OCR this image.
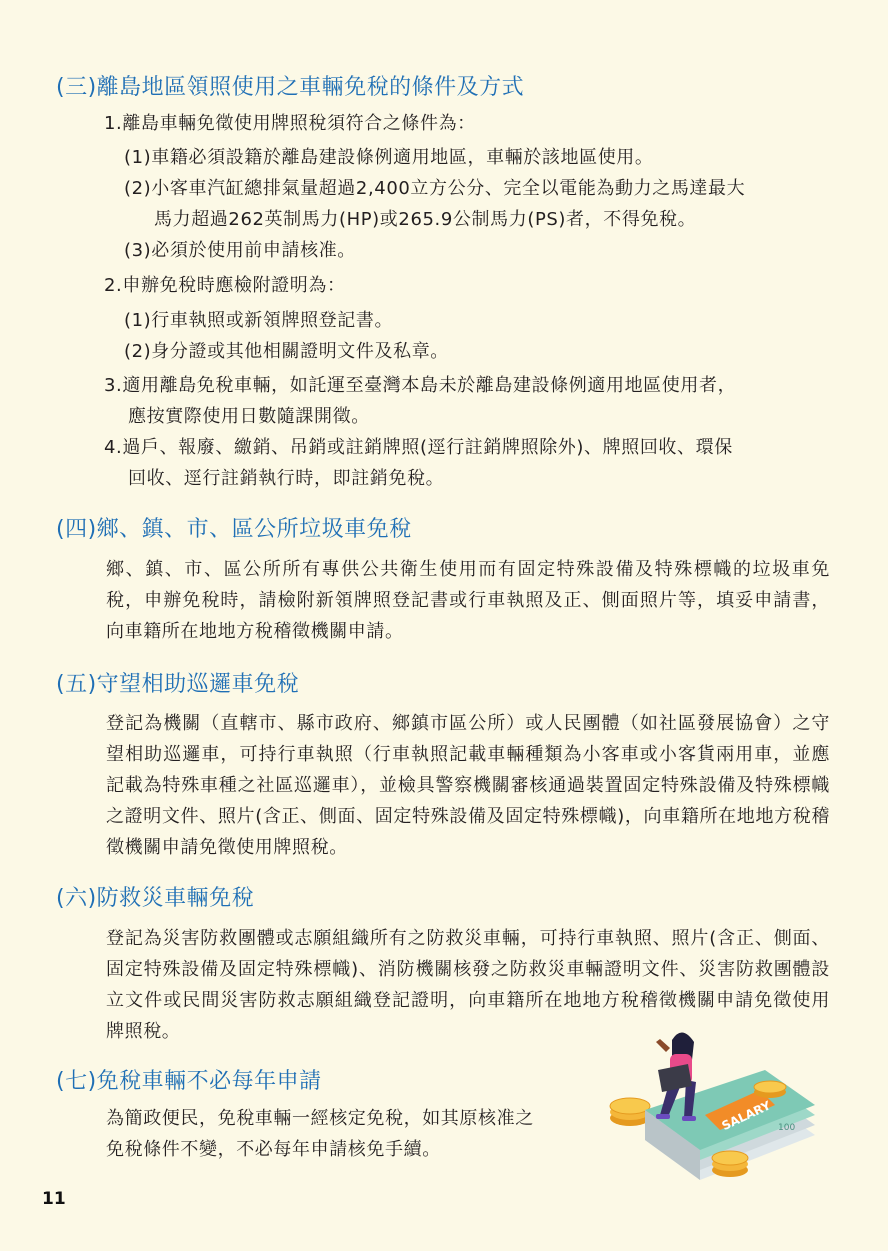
(三)離島地區領照使用之車輛免稅的條件及方式
1.離島車輛免徵使用牌照稅須符合之條件為：
(1)車籍必須設籍於離島建設條例適用地區，車輛於該地區使用。
(2)小客車汽缸總排氣量超過2,400立方公分、完全以電能為動力之馬達最大
馬力超過262英制馬力(HP)或265.9公制馬力(PS)者，不得免稅。
(3)必須於使用前申請核准。
2.申辦免稅時應檢附證明為：
(1)行車執照或新領牌照登記書。
(2)身分證或其他相關證明文件及私章。
3.適用離島免稅車輛，如託運至臺灣本島未於離島建設條例適用地區使用者，
應按實際使用日數隨課開徵。
4.過戶、報廢、繳銷、吊銷或註銷牌照(逕行註銷牌照除外)、牌照回收、環保
回收、逕行註銷執行時，即註銷免稅。
(四)鄉、鎮、市、區公所垃圾車免稅
鄉、鎮、市、區公所所有專供公共衛生使用而有固定特殊設備及特殊標幟的垃圾車免稅，申辦免稅時，請檢附新領牌照登記書或行車執照及正、側面照片等，填妥申請書，向車籍所在地地方稅稽徵機關申請。
(五)守望相助巡邏車免稅
登記為機關（直轄市、縣市政府、鄉鎮市區公所）或人民團體（如社區發展協會）之守望相助巡邏車，可持行車執照（行車執照記載車輛種類為小客車或小客貨兩用車，並應記載為特殊車種之社區巡邏車），並檢具警察機關審核通過裝置固定特殊設備及特殊標幟之證明文件、照片(含正、側面、固定特殊設備及固定特殊標幟)，向車籍所在地地方稅稽徵機關申請免徵使用牌照稅。
(六)防救災車輛免稅
登記為災害防救團體或志願組織所有之防救災車輛，可持行車執照、照片(含正、側面、固定特殊設備及固定特殊標幟)、消防機關核發之防救災車輛證明文件、災害防救團體設立文件或民間災害防救志願組織登記證明，向車籍所在地地方稅稽徵機關申請免徵使用牌照稅。
(七)免稅車輛不必每年申請
為簡政便民，免稅車輛一經核定免稅，如其原核准之
免稅條件不變，不必每年申請核免手續。
SALARY 100
11
